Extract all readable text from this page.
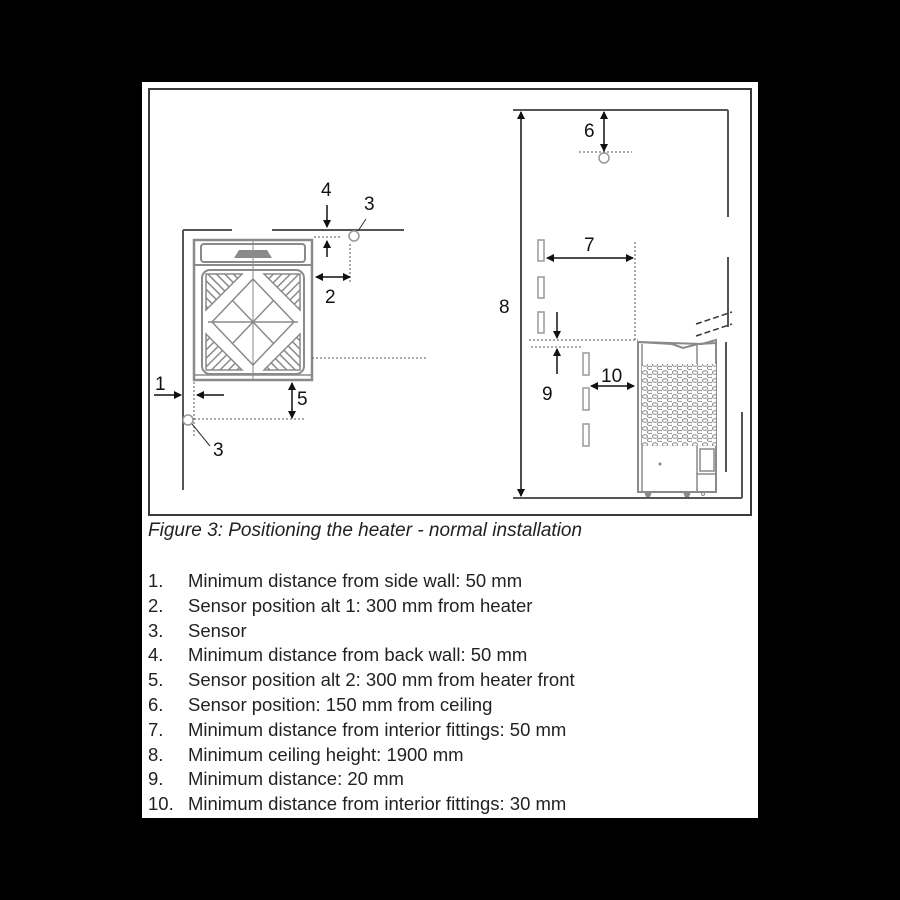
4
3
2
1
5
3
6
7
8
9
10
Figure 3: Positioning the heater - normal installation
1. Minimum distance from side wall: 50 mm
2. Sensor position alt 1: 300 mm from heater
3. Sensor
4. Minimum distance from back wall: 50 mm
5. Sensor position alt 2: 300 mm from heater front
6. Sensor position: 150 mm from ceiling
7. Minimum distance from interior fittings: 50 mm
8. Minimum ceiling height: 1900 mm
9. Minimum distance: 20 mm
10. Minimum distance from interior fittings: 30 mm
